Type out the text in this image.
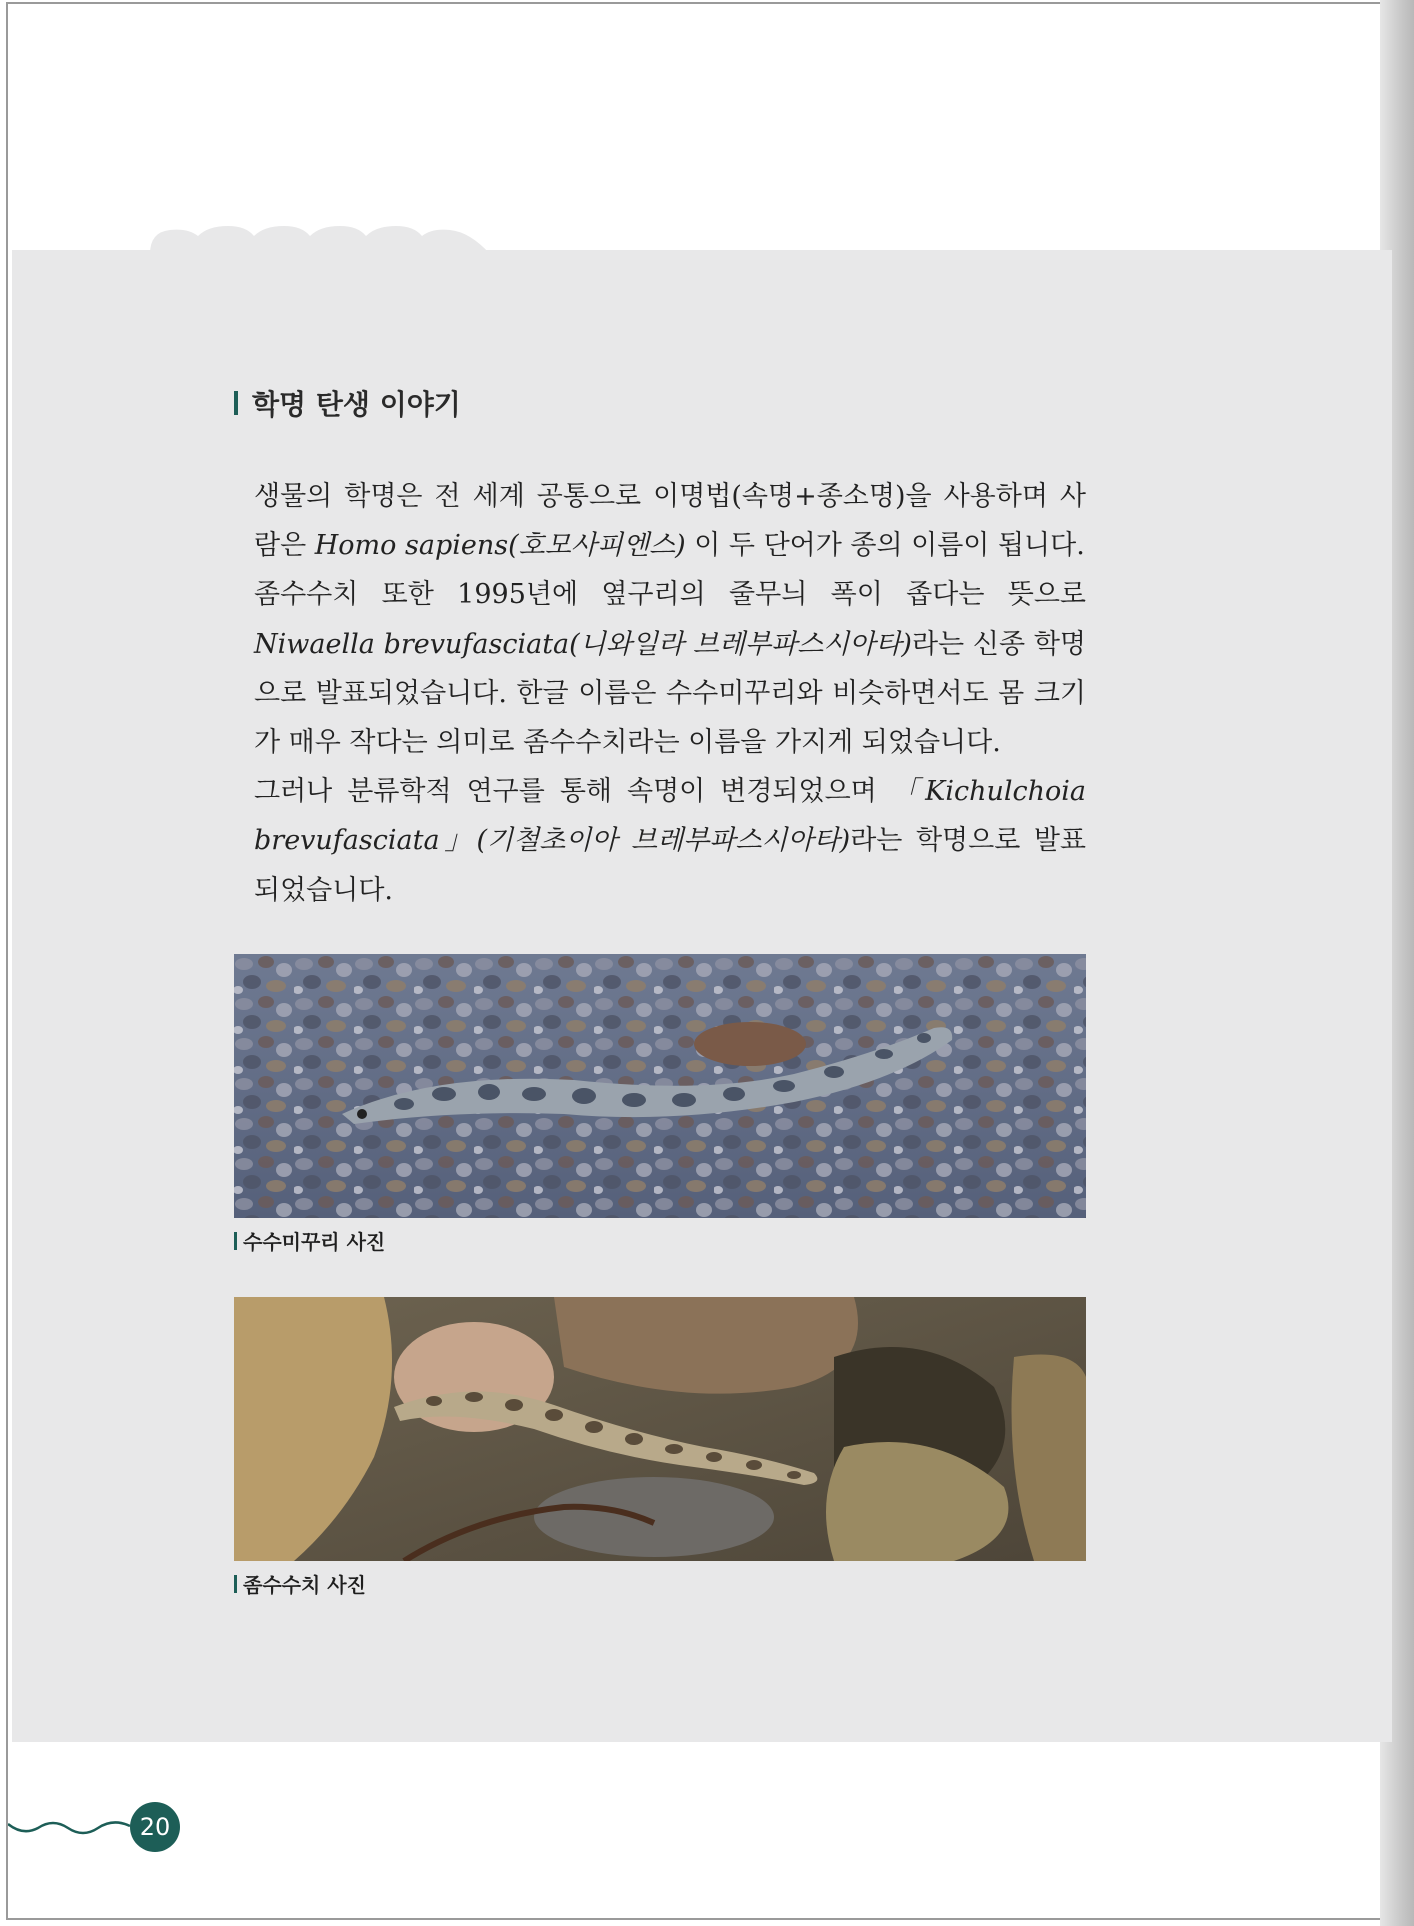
학명 탄생 이야기

생물의 학명은 전 세계 공통으로 이명법(속명+종소명)을 사용하며 사람은 Homo sapiens(호모사피엔스) 이 두 단어가 종의 이름이 됩니다.

좀수수치 또한 1995년에 옆구리의 줄무늬 폭이 좁다는 뜻으로 Niwaella brevufasciata(니와일라 브레부파스시아타)라는 신종 학명으로 발표되었습니다. 한글 이름은 수수미꾸리와 비슷하면서도 몸 크기가 매우 작다는 의미로 좀수수치라는 이름을 가지게 되었습니다.

그러나 분류학적 연구를 통해 속명이 변경되었으며 「Kichulchoia brevufasciata」(기철초이아 브레부파스시아타)라는 학명으로 발표되었습니다.

수수미꾸리 사진
좀수수치 사진
20
